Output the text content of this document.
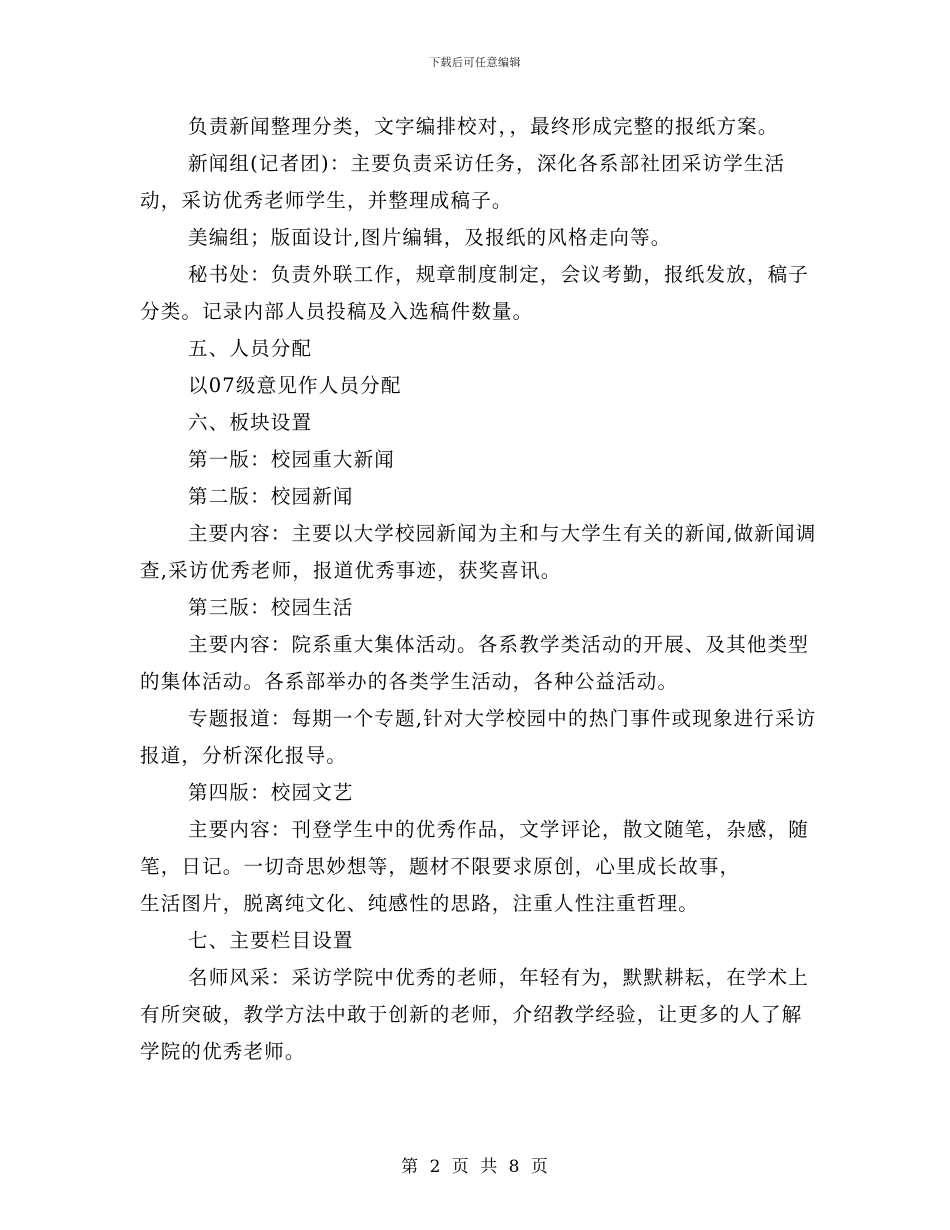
下载后可任意编辑

负责新闻整理分类，文字编排校对，，最终形成完整的报纸方案。

新闻组(记者团)：主要负责采访任务，深化各系部社团采访学生活动，采访优秀老师学生，并整理成稿子。

美编组；版面设计,图片编辑，及报纸的风格走向等。

秘书处：负责外联工作，规章制度制定，会议考勤，报纸发放，稿子分类。记录内部人员投稿及入选稿件数量。

五、人员分配

以07级意见作人员分配

六、板块设置

第一版：校园重大新闻

第二版：校园新闻

主要内容：主要以大学校园新闻为主和与大学生有关的新闻,做新闻调查,采访优秀老师，报道优秀事迹，获奖喜讯。

第三版：校园生活

主要内容：院系重大集体活动。各系教学类活动的开展、及其他类型的集体活动。各系部举办的各类学生活动，各种公益活动。

专题报道：每期一个专题,针对大学校园中的热门事件或现象进行采访报道，分析深化报导。

第四版：校园文艺

主要内容：刊登学生中的优秀作品，文学评论，散文随笔，杂感，随笔，日记。一切奇思妙想等，题材不限要求原创，心里成长故事，

生活图片，脱离纯文化、纯感性的思路，注重人性注重哲理。

七、主要栏目设置

名师风采：采访学院中优秀的老师，年轻有为，默默耕耘，在学术上有所突破，教学方法中敢于创新的老师，介绍教学经验，让更多的人了解学院的优秀老师。

第 2 页 共 8 页
